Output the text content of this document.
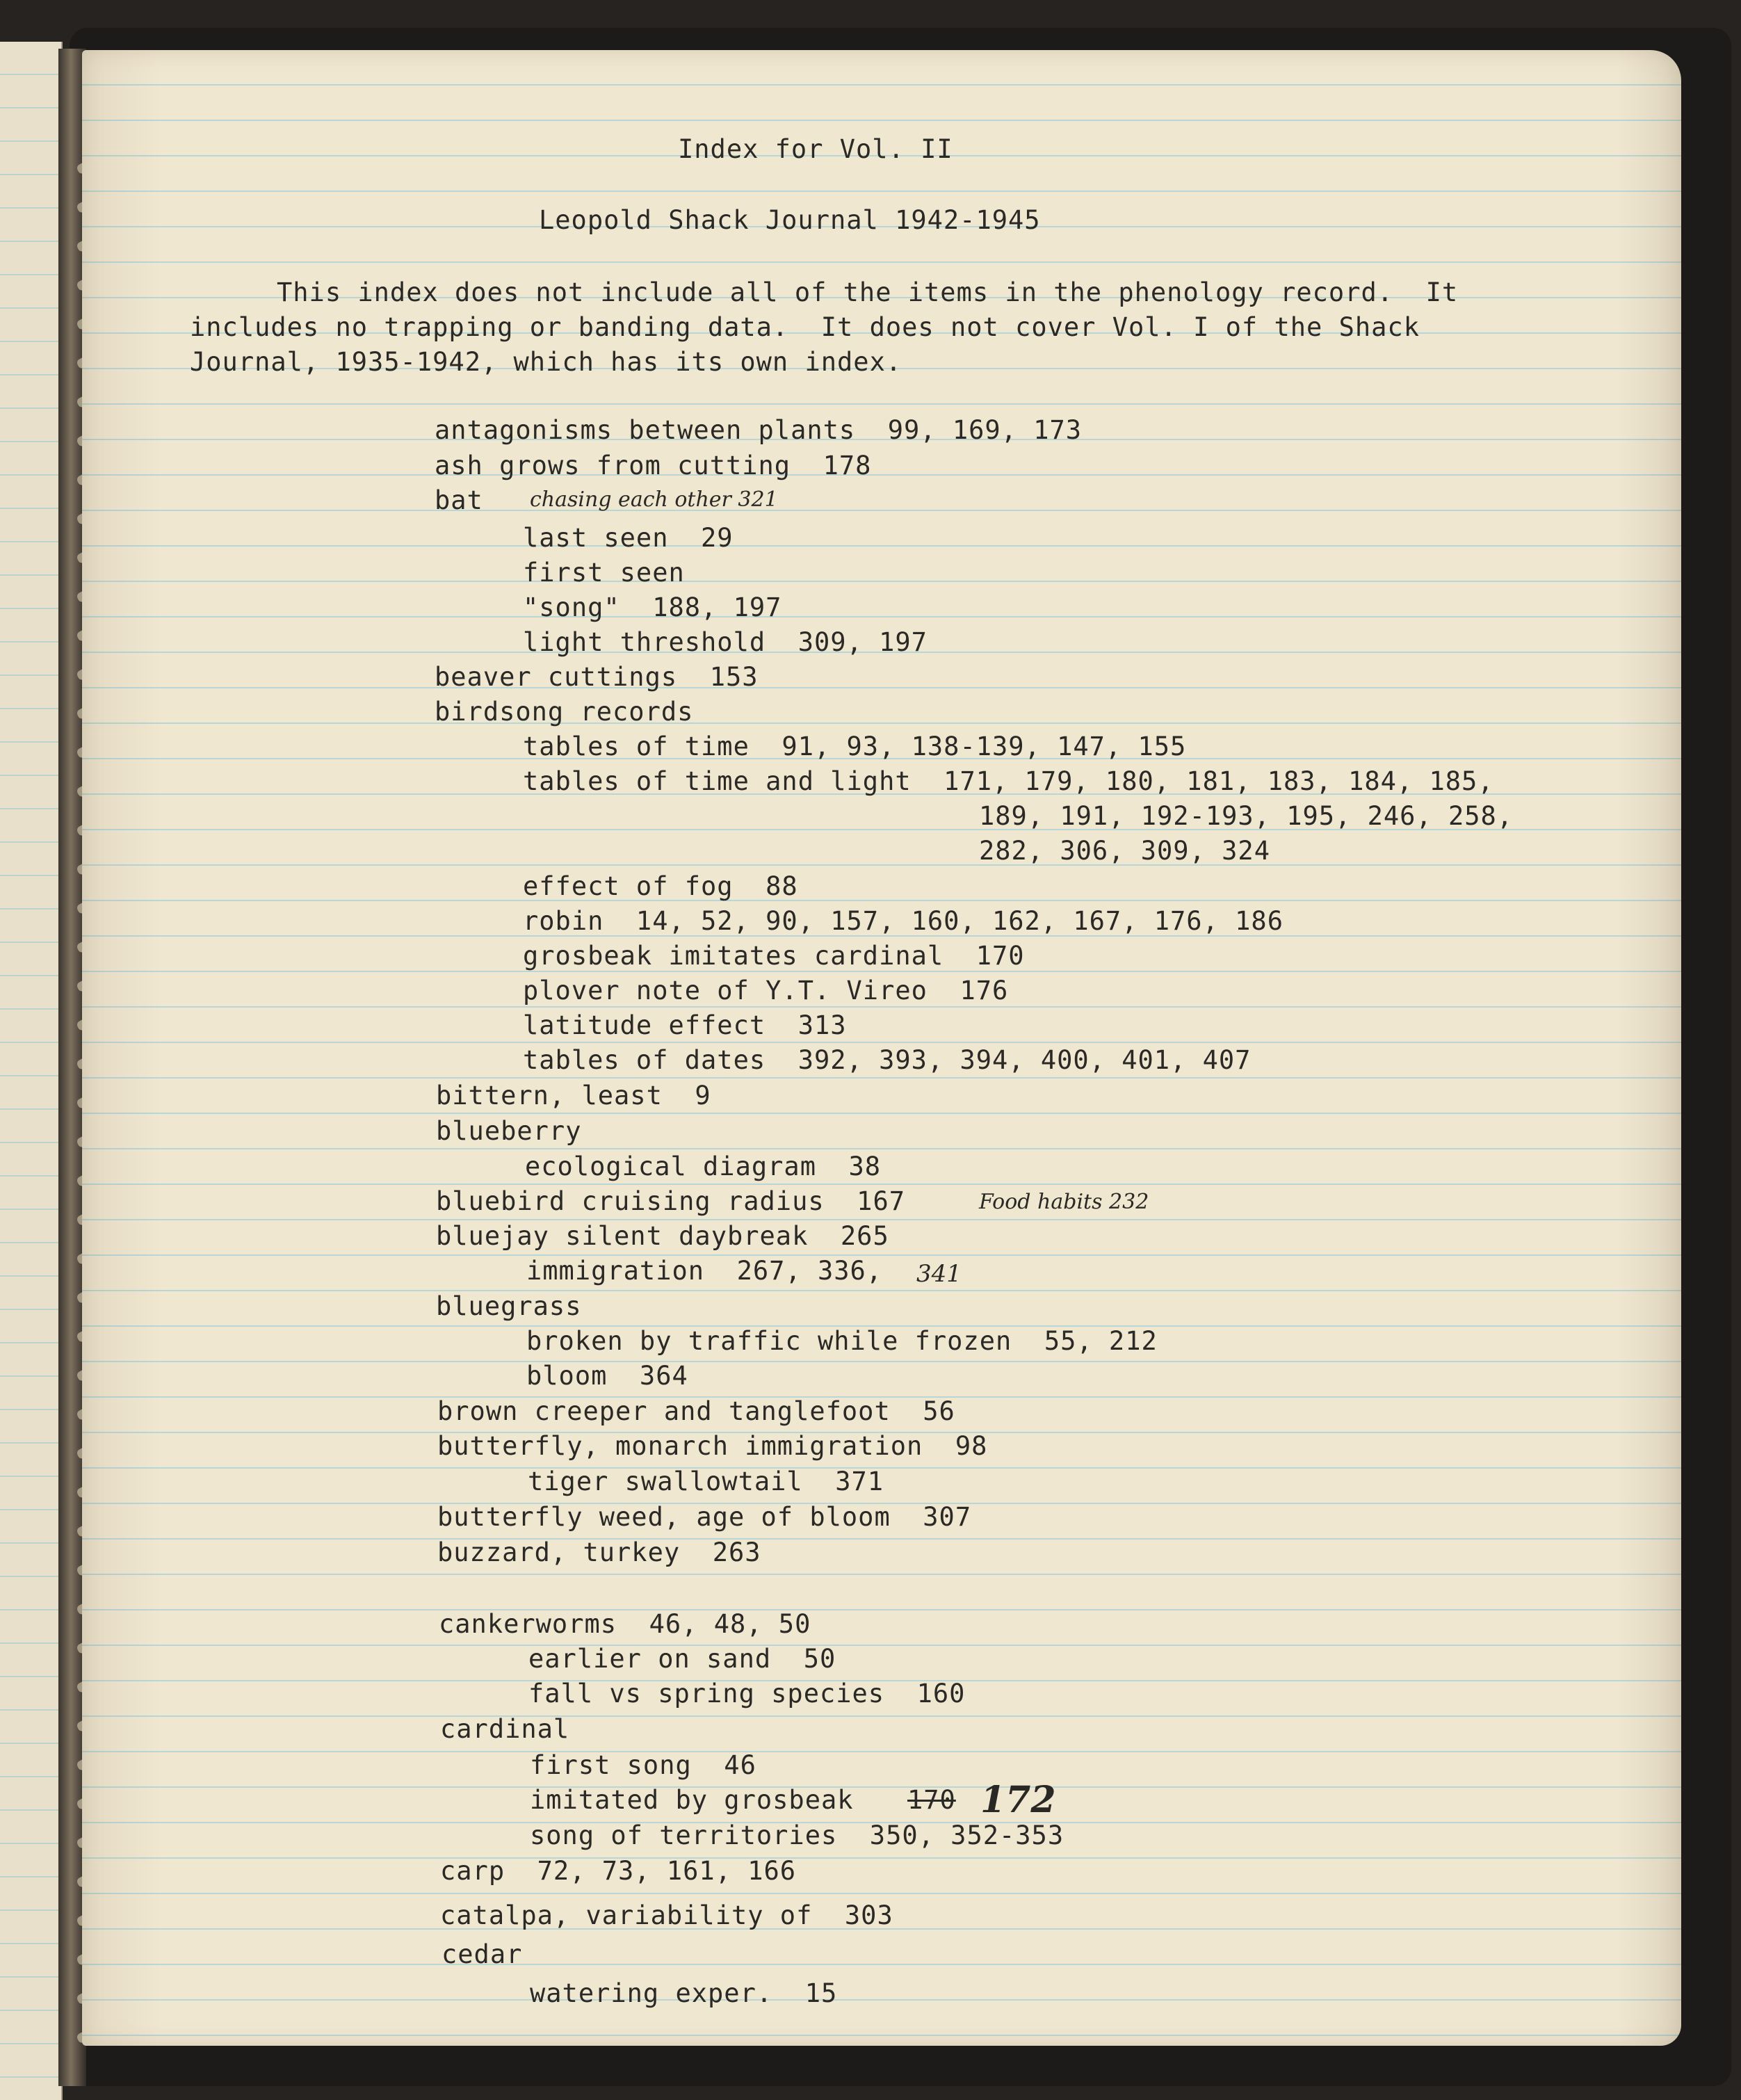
Index for Vol. II
Leopold Shack Journal 1942-1945
This index does not include all of the items in the phenology record.  It
includes no trapping or banding data.  It does not cover Vol. I of the Shack
Journal, 1935-1942, which has its own index.
antagonisms between plants  99, 169, 173
ash grows from cutting  178
bat
last seen  29
first seen
"song"  188, 197
light threshold  309, 197
beaver cuttings  153
birdsong records
tables of time  91, 93, 138-139, 147, 155
tables of time and light  171, 179, 180, 181, 183, 184, 185,
189, 191, 192-193, 195, 246, 258,
282, 306, 309, 324
effect of fog  88
robin  14, 52, 90, 157, 160, 162, 167, 176, 186
grosbeak imitates cardinal  170
plover note of Y.T. Vireo  176
latitude effect  313
tables of dates  392, 393, 394, 400, 401, 407
bittern, least  9
blueberry
ecological diagram  38
bluebird cruising radius  167
bluejay silent daybreak  265
immigration  267, 336,
bluegrass
broken by traffic while frozen  55, 212
bloom  364
brown creeper and tanglefoot  56
butterfly, monarch immigration  98
tiger swallowtail  371
butterfly weed, age of bloom  307
buzzard, turkey  263
cankerworms  46, 48, 50
earlier on sand  50
fall vs spring species  160
cardinal
first song  46
imitated by grosbeak
song of territories  350, 352-353
carp  72, 73, 161, 166
catalpa, variability of  303
cedar
watering exper.  15
chasing each other 321
Food habits 232
341
170 172
